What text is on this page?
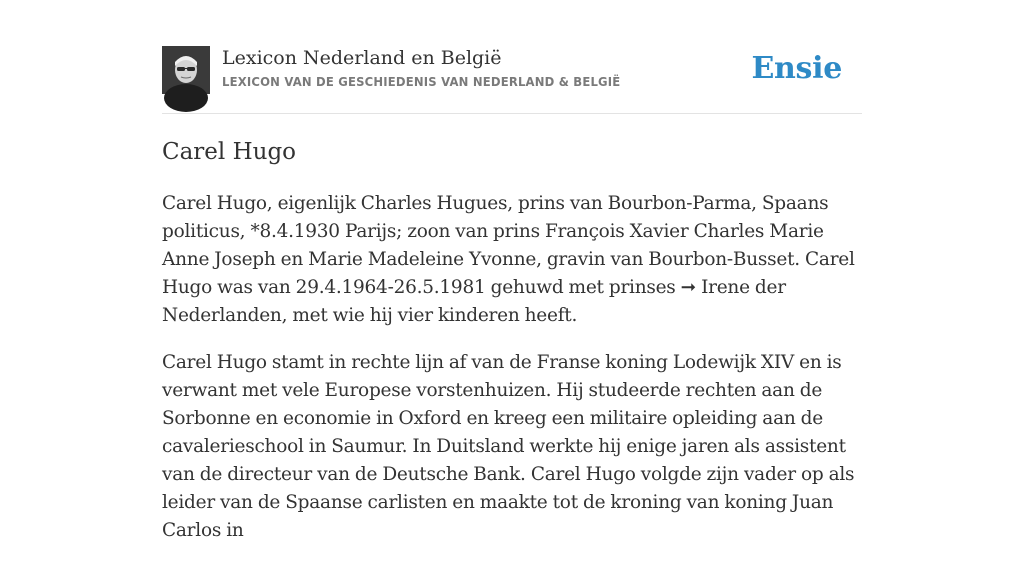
Lexicon Nederland en België
LEXICON VAN DE GESCHIEDENIS VAN NEDERLAND & BELGIË	Ensie
Carel Hugo

Carel Hugo, eigenlijk Charles Hugues, prins van Bourbon-Parma, Spaans politicus, *8.4.1930 Parijs; zoon van prins François Xavier Charles Marie Anne Joseph en Marie Madeleine Yvonne, gravin van Bourbon-Busset. Carel Hugo was van 29.4.1964-26.5.1981 gehuwd met prinses ➞ Irene der Nederlanden, met wie hij vier kinderen heeft.

Carel Hugo stamt in rechte lijn af van de Franse koning Lodewijk XIV en is verwant met vele Europese vorstenhuizen. Hij studeerde rechten aan de Sorbonne en economie in Oxford en kreeg een militaire opleiding aan de cavalerieschool in Saumur. In Duitsland werkte hij enige jaren als assistent van de directeur van de Deutsche Bank. Carel Hugo volgde zijn vader op als leider van de Spaanse carlisten en maakte tot de kroning van koning Juan Carlos in
